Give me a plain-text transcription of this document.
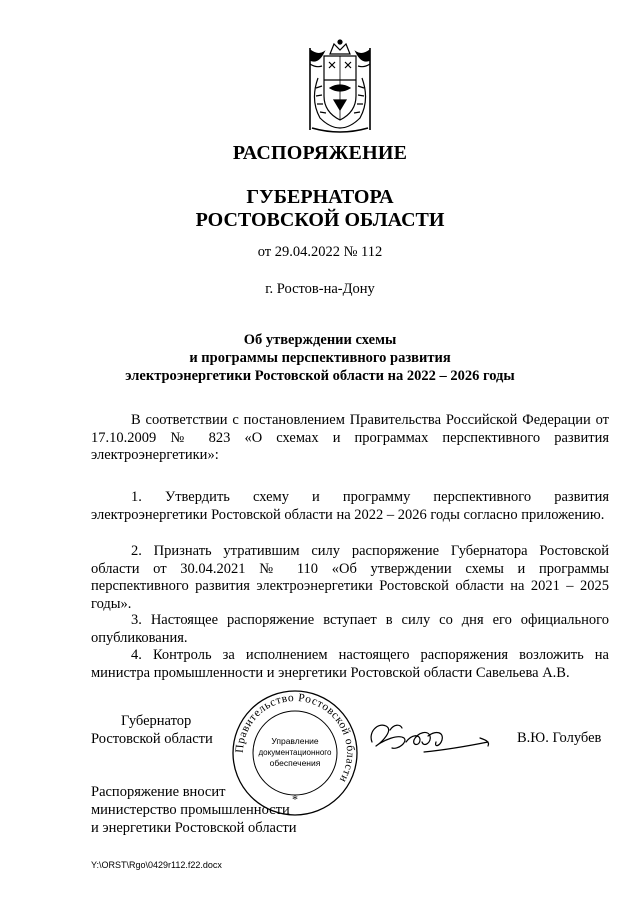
РАСПОРЯЖЕНИЕ
ГУБЕРНАТОРА
РОСТОВСКОЙ ОБЛАСТИ
от 29.04.2022 № 112
г. Ростов-на-Дону
Об утверждении схемы
и программы перспективного развития
электроэнергетики Ростовской области на 2022 – 2026 годы
В соответствии с постановлением Правительства Российской Федерации от 17.10.2009 № 823 «О схемах и программах перспективного развития электроэнергетики»:
1. Утвердить схему и программу перспективного развития электроэнергетики Ростовской области на 2022 – 2026 годы согласно приложению.
2. Признать утратившим силу распоряжение Губернатора Ростовской области от 30.04.2021 № 110 «Об утверждении схемы и программы перспективного развития электроэнергетики Ростовской области на 2021 – 2025 годы».
3. Настоящее распоряжение вступает в силу со дня его официального опубликования.
4. Контроль за исполнением настоящего распоряжения возложить на министра промышленности и энергетики Ростовской области Савельева А.В.
Губернатор
Ростовской области
Правительство Ростовской области
Управление
документационного
обеспечения
*
В.Ю. Голубев
Распоряжение вносит
министерство промышленности
и энергетики Ростовской области
Y:\ORST\Rgo\0429r112.f22.docx
